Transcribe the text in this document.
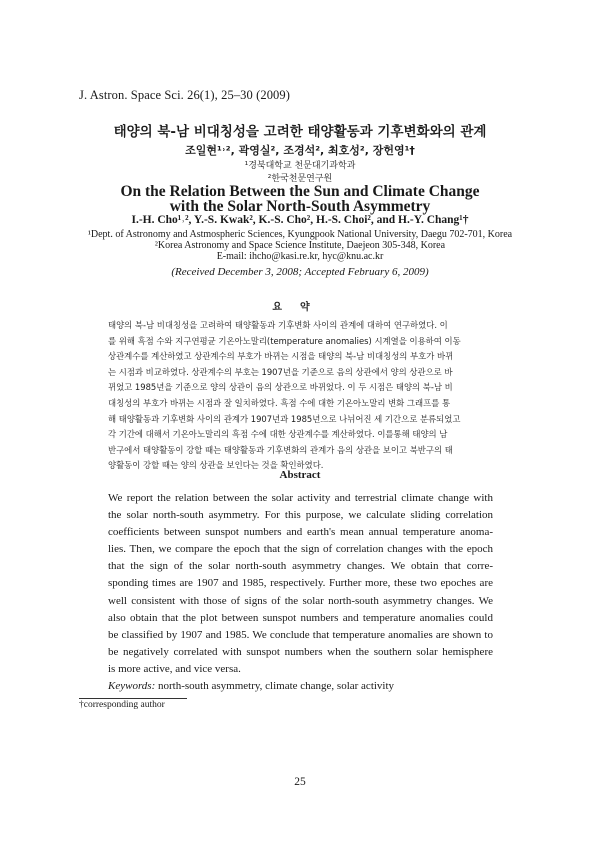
J. Astron. Space Sci. 26(1), 25–30 (2009)
태양의 북-남 비대칭성을 고려한 태양활동과 기후변화와의 관계
조일현¹˒², 곽영실², 조경석², 최호성², 장헌영¹†
¹경북대학교 천문대기과학과
²한국천문연구원
On the Relation Between the Sun and Climate Change
with the Solar North-South Asymmetry
I.-H. Cho¹˒², Y.-S. Kwak², K.-S. Cho², H.-S. Choi², and H.-Y. Chang¹†
¹Dept. of Astronomy and Astmospheric Sciences, Kyungpook National University, Daegu 702-701, Korea
²Korea Astronomy and Space Science Institute, Daejeon 305-348, Korea
E-mail: ihcho@kasi.re.kr, hyc@knu.ac.kr
(Received December 3, 2008; Accepted February 6, 2009)
요약
태양의 북-남 비대칭성을 고려하여 태양활동과 기후변화 사이의 관계에 대하여 연구하였다. 이
를 위해 흑점 수와 지구연평균 기온아노말리(temperature anomalies) 시계열을 이용하여 이동
상관계수를 계산하였고 상관계수의 부호가 바뀌는 시점을 태양의 북-남 비대칭성의 부호가 바뀌
는 시점과 비교하였다. 상관계수의 부호는 1907년을 기준으로 음의 상관에서 양의 상관으로 바
뀌었고 1985년을 기준으로 양의 상관이 음의 상관으로 바뀌었다. 이 두 시점은 태양의 북-남 비
대칭성의 부호가 바뀌는 시점과 잘 일치하였다. 흑점 수에 대한 기온아노말리 변화 그래프를 통
해 태양활동과 기후변화 사이의 관계가 1907년과 1985년으로 나뉘어진 세 기간으로 분류되었고
각 기간에 대해서 기온아노말리의 흑점 수에 대한 상관계수를 계산하였다. 이를통해 태양의 남
반구에서 태양활동이 강할 때는 태양활동과 기후변화의 관계가 음의 상관을 보이고 북반구의 태
양활동이 강할 때는 양의 상관을 보인다는 것을 확인하였다.
Abstract
We report the relation between the solar activity and terrestrial climate change with
the solar north-south asymmetry. For this purpose, we calculate sliding correlation
coefficients between sunspot numbers and earth's mean annual temperature anoma-
lies. Then, we compare the epoch that the sign of correlation changes with the epoch
that the sign of the solar north-south asymmetry changes. We obtain that corre-
sponding times are 1907 and 1985, respectively. Further more, these two epoches are
well consistent with those of signs of the solar north-south asymmetry changes. We
also obtain that the plot between sunspot numbers and temperature anomalies could
be classified by 1907 and 1985. We conclude that temperature anomalies are shown to
be negatively correlated with sunspot numbers when the southern solar hemisphere
is more active, and vice versa.
Keywords: north-south asymmetry, climate change, solar activity
†corresponding author
25
